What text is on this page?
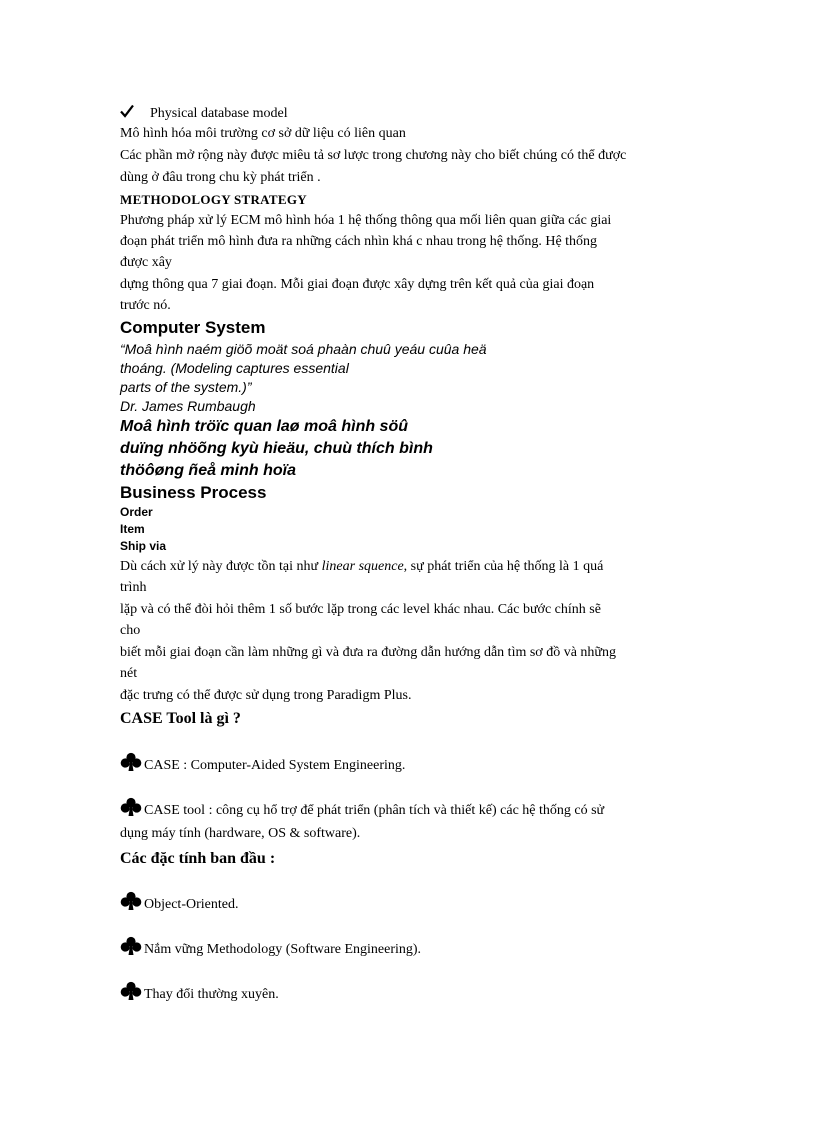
Physical database model
Mô hình hóa môi trường cơ sở dữ liệu có liên quan
Các phần mở rộng này được miêu tả sơ lược trong chương này cho biết chúng có thể được
dùng ở đâu trong chu kỳ phát triển .
METHODOLOGY STRATEGY
Phương pháp xử lý ECM mô hình hóa 1 hệ thống thông qua mối liên quan giữa các giai
đoạn phát triển mô hình đưa ra những cách nhìn khá c nhau trong hệ thống. Hệ thống
được xây
dựng thông qua 7 giai đoạn. Mỗi giai đoạn được xây dựng trên kết quả của giai đoạn
trước nó.
Computer System
“Moâ hình naém giöõ moät soá phaàn chuû yeáu cuûa heä
thoáng. (Modeling captures essential
parts of the system.)”
Dr. James Rumbaugh
Moâ hình tröïc quan laø moâ hình söû
duïng nhöõng kyù hieäu, chuù thích bình
thöôøng ñeå minh hoïa
Business Process
Order
Item
Ship via
Dù cách xử lý này được tồn tại như linear squence, sự phát triển của hệ thống là 1 quá
trình
lặp và có thể đòi hỏi thêm 1 số bước lặp trong các level khác nhau. Các bước chính sẽ
cho
biết mỗi giai đoạn cần làm những gì và đưa ra đường dẫn hướng dẫn tìm sơ đồ và những
nét
đặc trưng có thể được sử dụng trong Paradigm Plus.
CASE Tool là gì ?
CASE : Computer-Aided System Engineering.
CASE tool : công cụ hổ trợ để phát triển (phân tích và thiết kế) các hệ thống có sử
dụng máy tính (hardware, OS & software).
Các đặc tính ban đầu :
Object-Oriented.
Nắm vững Methodology (Software Engineering).
Thay đổi thường xuyên.
